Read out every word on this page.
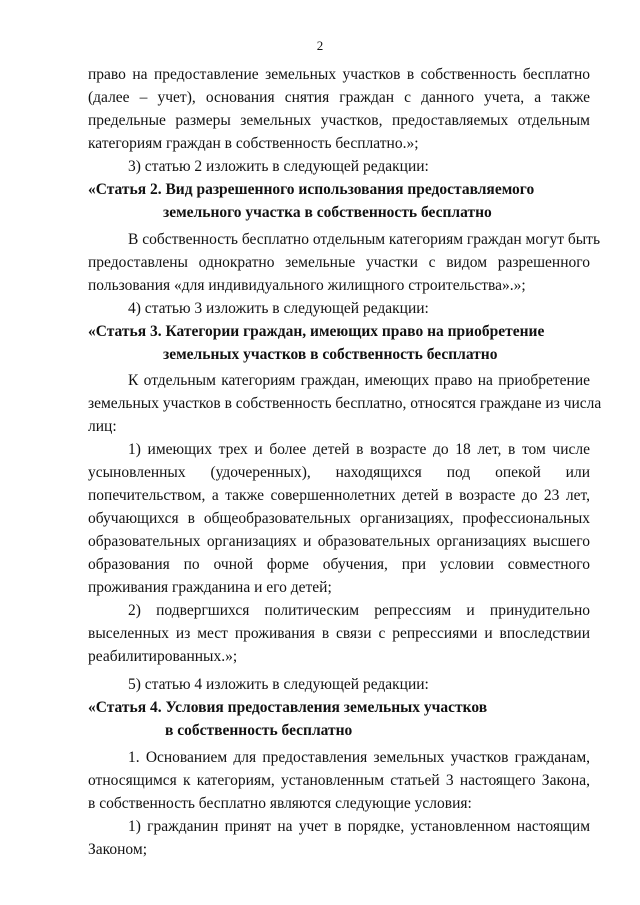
2
право на предоставление земельных участков в собственность бесплатно
(далее – учет), основания снятия граждан с данного учета, а также
предельные размеры земельных участков, предоставляемых отдельным
категориям граждан в собственность бесплатно.»;
3) статью 2 изложить в следующей редакции:
«Статья 2. Вид разрешенного использования предоставляемого
земельного участка в собственность бесплатно
В собственность бесплатно отдельным категориям граждан могут быть
предоставлены однократно земельные участки с видом разрешенного
пользования «для индивидуального жилищного строительства».»;
4) статью 3 изложить в следующей редакции:
«Статья 3. Категории граждан, имеющих право на приобретение
земельных участков в собственность бесплатно
К отдельным категориям граждан, имеющих право на приобретение
земельных участков в собственность бесплатно, относятся граждане из числа
лиц:
1) имеющих трех и более детей в возрасте до 18 лет, в том числе
усыновленных (удочеренных), находящихся под опекой или
попечительством, а также совершеннолетних детей в возрасте до 23 лет,
обучающихся в общеобразовательных организациях, профессиональных
образовательных организациях и образовательных организациях высшего
образования по очной форме обучения, при условии совместного
проживания гражданина и его детей;
2) подвергшихся политическим репрессиям и принудительно
выселенных из мест проживания в связи с репрессиями и впоследствии
реабилитированных.»;
5) статью 4 изложить в следующей редакции:
«Статья 4. Условия предоставления земельных участков
в собственность бесплатно
1. Основанием для предоставления земельных участков гражданам,
относящимся к категориям, установленным статьей 3 настоящего Закона,
в собственность бесплатно являются следующие условия:
1) гражданин принят на учет в порядке, установленном настоящим
Законом;
